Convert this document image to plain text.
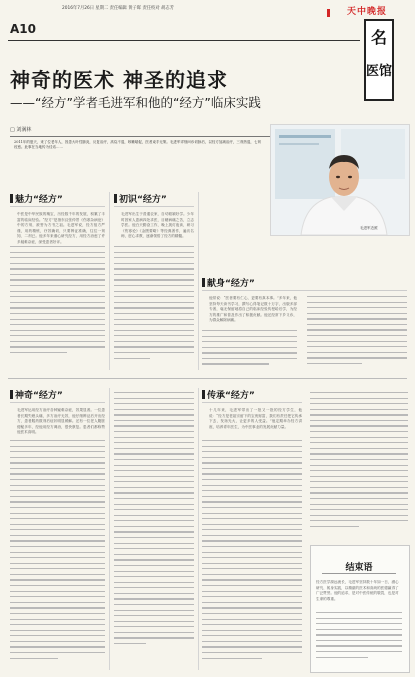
2016年7月26日 星期二 责任编辑 黄子晖 责任校对 胡志芳
A10
天中晚报
名
医馆
神奇的医术 神圣的追求
——“经方”学者毛进军和他的“经方”临床实践
□ 刘满林
2011年的夏天，来了位老年人，因患大叶性肺炎，反复治疗，高烧不退，咳嗽喘促，医者束手无策。毛进军详细问诊切脉后，以经方加减治疗，三剂热退，七剂痊愈。此事在当地传为佳话……
毛进军近照
魅力“经方”

中医是中华民族的瑰宝，历经数千年的发展，积累了丰富的临床经验。“经方”是指东汉张仲景《伤寒杂病论》中的方剂，被誉为方书之祖。毛进军说，经方组方严谨，用药精炼，疗效确切，只要辨证准确，往往一剂知、二剂已。他多年来潜心研究经方，用经方治愈了许多疑难杂症，深受患者好评。

初识“经方”

毛进军出生于普通农家，自幼聪颖好学。少年时因家人患病四处求医，目睹病痛之苦，立志学医。他白天勤奋工作，晚上挑灯夜读，研习《伤寒论》《金匮要略》等经典著作，遍访名师，虚心求教，逐渐领悟了经方的精髓。

献身“经方”

他常说：“医者要有仁心，更要有真本事。”多年来，他坚持每天读书学习，撰写心得笔记数十万字，出版多部专著，毫无保留地将自己的临床经验传授给后学，为经方的推广和普及作出了积极贡献。他还经常下乡义诊，为群众解除病痛。

神奇“经方”

毛进军运用经方治疗各种疑难杂症，效果显著。一位患者长期失眠头痛，多方治疗无效，他仔细辨证后开出经方，患者服药数剂后症状明显缓解。还有一位老人腹胀便秘多年，经他用经方调治，很快康复。患者们都称赞他医术高明。

传承“经方”

十几年来，毛进军带出了一批又一批的经方学生，他说：“经方是老祖宗留下的宝贵财富，我们有责任把它传承下去，发扬光大，让更多的人受益。”他定期举办经方讲座，培养青年医生，为中医事业的发展贡献力量。

结束语
经方医学源远流长，毛进军坚持数十年如一日，潜心研究、躬身实践，以精湛的医术和高尚的医德赢得了广泛赞誉。他的追求，是对中医传统的敬畏，也是对生命的尊重。
